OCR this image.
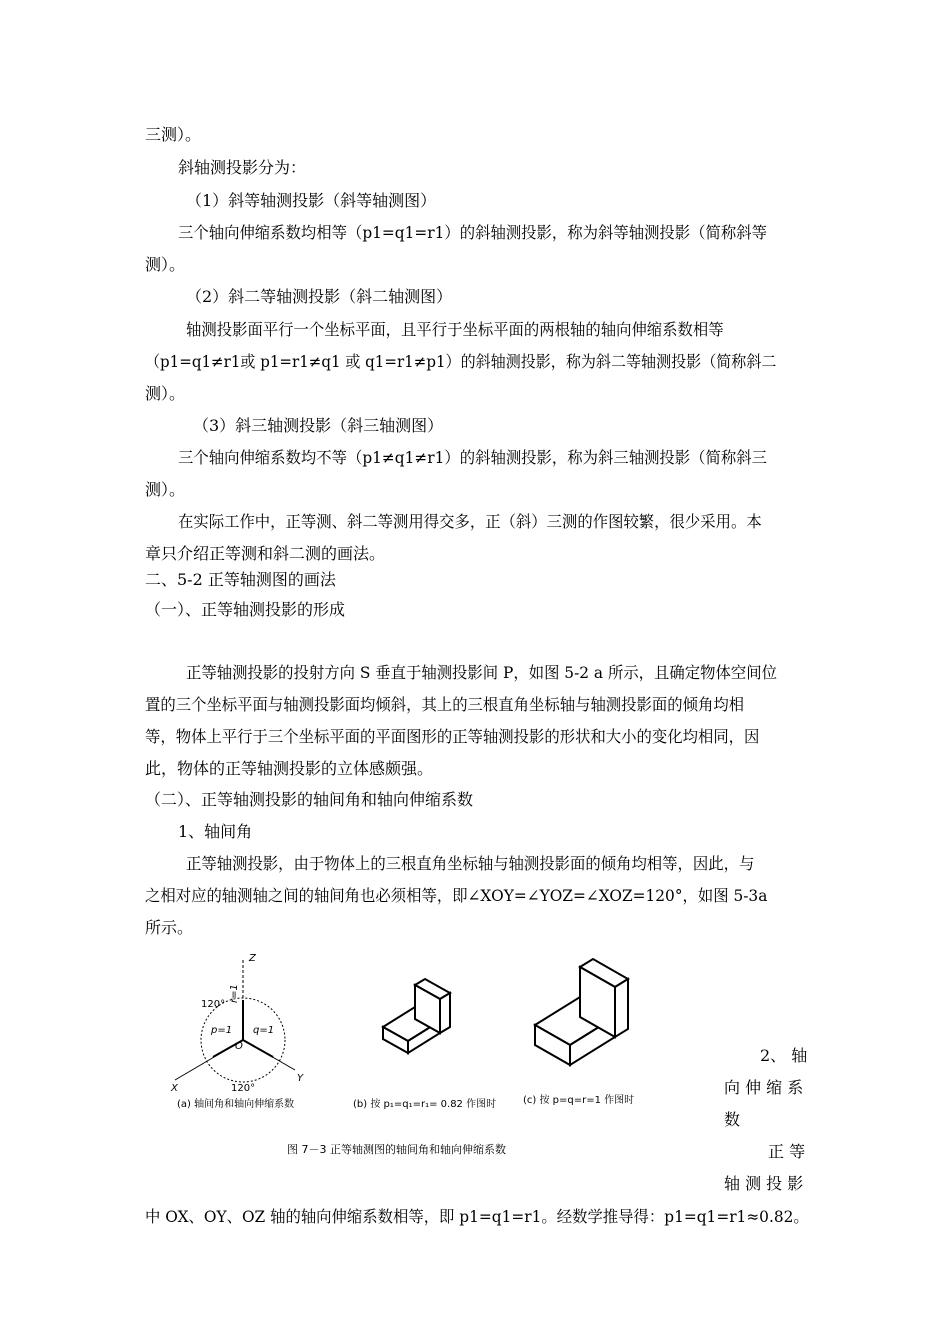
三测）。
斜轴测投影分为：
（1）斜等轴测投影（斜等轴测图）
三个轴向伸缩系数均相等（p1=q1=r1）的斜轴测投影，称为斜等轴测投影（简称斜等
测）。
（2）斜二等轴测投影（斜二轴测图）
轴测投影面平行一个坐标平面，且平行于坐标平面的两根轴的轴向伸缩系数相等
（p1=q1≠r1或 p1=r1≠q1 或 q1=r1≠p1）的斜轴测投影，称为斜二等轴测投影（简称斜二
测）。
（3）斜三轴测投影（斜三轴测图）
三个轴向伸缩系数均不等（p1≠q1≠r1）的斜轴测投影，称为斜三轴测投影（简称斜三
测）。
在实际工作中，正等测、斜二等测用得交多，正（斜）三测的作图较繁，很少采用。本
章只介绍正等测和斜二测的画法。
二、5-2 正等轴测图的画法
（一）、正等轴测投影的形成
正等轴测投影的投射方向 S 垂直于轴测投影间 P，如图 5-2 a 所示，且确定物体空间位
置的三个坐标平面与轴测投影面均倾斜，其上的三根直角坐标轴与轴测投影面的倾角均相
等，物体上平行于三个坐标平面的平面图形的正等轴测投影的形状和大小的变化均相同，因
此，物体的正等轴测投影的立体感颇强。
（二）、正等轴测投影的轴间角和轴向伸缩系数
1、轴间角
正等轴测投影，由于物体上的三根直角坐标轴与轴测投影面的倾角均相等，因此，与
之相对应的轴测轴之间的轴间角也必须相等，即∠XOY=∠YOZ=∠XOZ=120°，如图 5-3a
所示。
Z
X
Y
O
120°
120°
r=1
p=1 q=1
(a) 轴间角和轴向伸缩系数	(b) 按 p₁=q₁=r₁= 0.82 作图时	(c) 按 p=q=r=1 作图时
图 7－3 正等轴测图的轴间角和轴向伸缩系数
2、 轴
向 伸 缩 系
数
正 等
轴 测 投 影
中 OX、OY、OZ 轴的轴向伸缩系数相等，即 p1=q1=r1。经数学推导得：p1=q1=r1≈0.82。
